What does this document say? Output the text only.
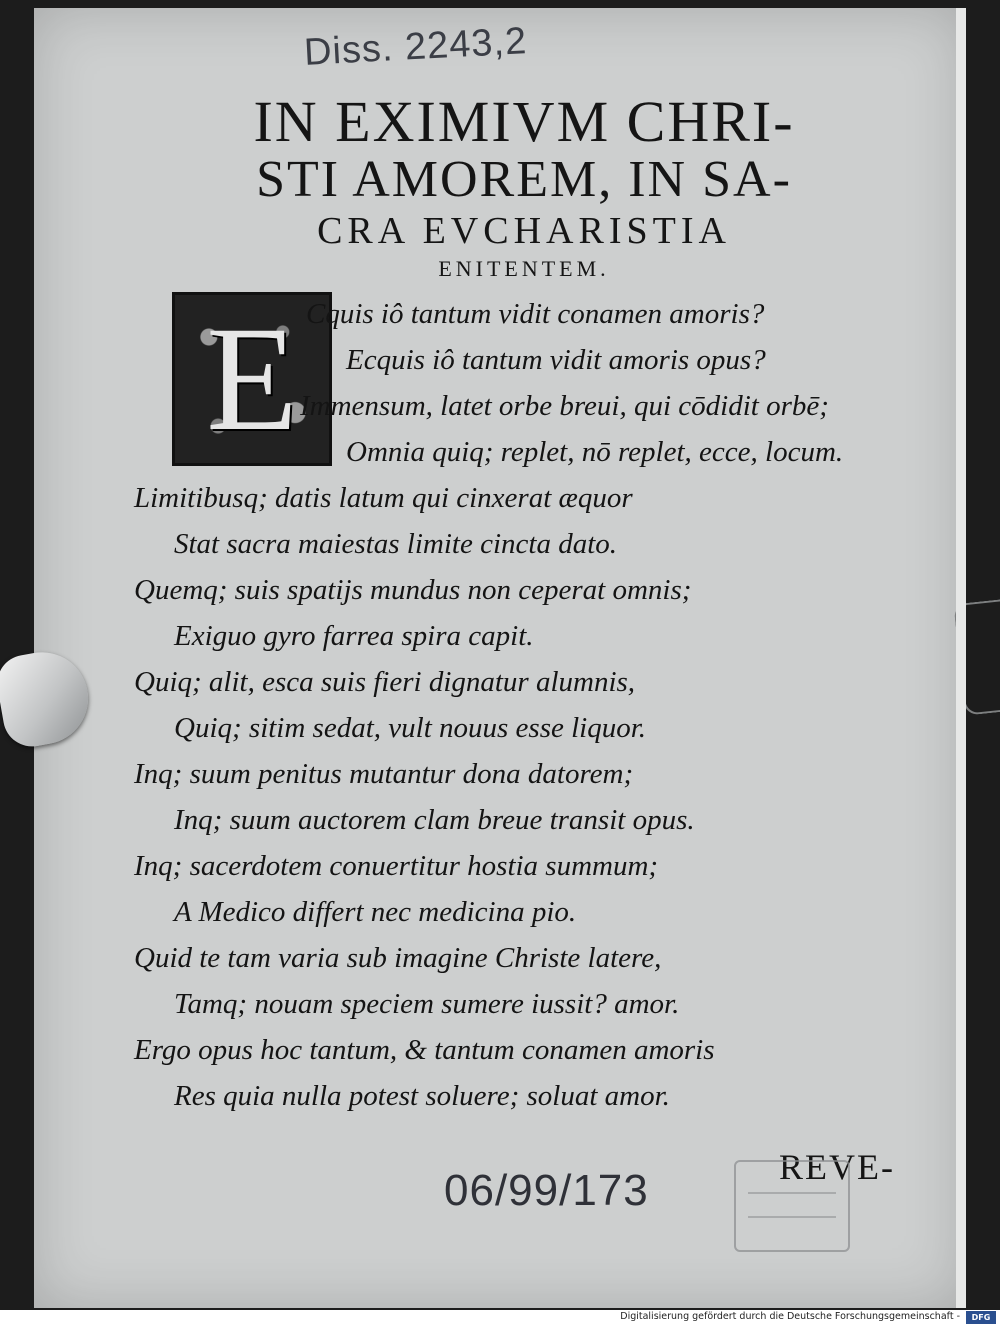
Diss. 2243,2

IN EXIMIVM CHRI-
STI AMOREM, IN SA-
CRA EVCHARISTIA
ENITENTEM.
E Cquis iô tantum vidit conamen amoris?

Ecquis iô tantum vidit amoris opus?

Immensum, latet orbe breui, qui cōdidit orbē;

Omnia quiq; replet, nō replet, ecce, locum.

Limitibusq; datis latum qui cinxerat æquor

Stat sacra maiestas limite cincta dato.

Quemq; suis spatijs mundus non ceperat omnis;

Exiguo gyro farrea spira capit.

Quiq; alit, esca suis fieri dignatur alumnis,

Quiq; sitim sedat, vult nouus esse liquor.

Inq; suum penitus mutantur dona datorem;

Inq; suum auctorem clam breue transit opus.

Inq; sacerdotem conuertitur hostia summum;

A Medico differt nec medicina pio.

Quid te tam varia sub imagine Christe latere,

Tamq; nouam speciem sumere iussit? amor.

Ergo opus hoc tantum, & tantum conamen amoris

Res quia nulla potest soluere; soluat amor.

REVE-

06/99/173

Digitalisierung gefördert durch die Deutsche Forschungsgemeinschaft -	DFG
